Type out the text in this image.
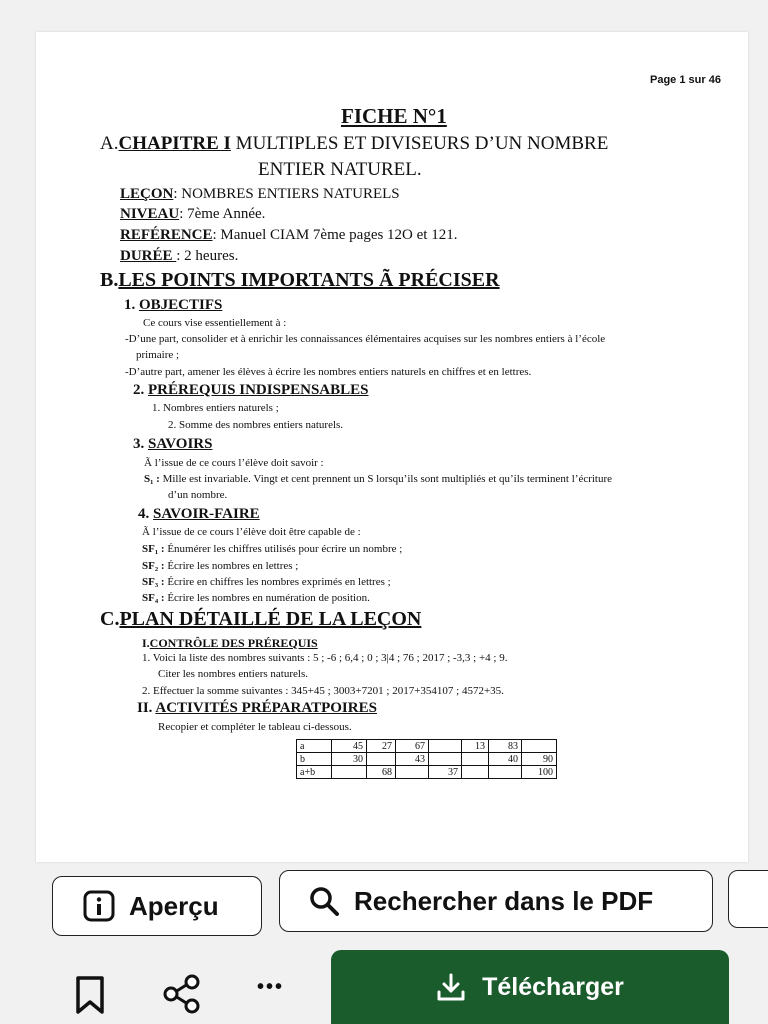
Page 1 sur 46
FICHE N°1
A.CHAPITRE I MULTIPLES ET DIVISEURS D’UN NOMBRE
ENTIER NATUREL.
LEÇON: NOMBRES ENTIERS NATURELS
NIVEAU: 7ème Année.
REFÉRENCE: Manuel CIAM 7ème pages 12O et 121.
DURÉE : 2 heures.
B.LES POINTS IMPORTANTS Ã PRÉCISER
1. OBJECTIFS
Ce cours vise essentiellement à :
-D’une part, consolider et à enrichir les connaissances élémentaires acquises sur les nombres entiers à l’école
primaire ;
-D’autre part, amener les élèves à écrire les nombres entiers naturels en chiffres et en lettres.
2. PRÉREQUIS INDISPENSABLES
1. Nombres entiers naturels ;
2. Somme des nombres entiers naturels.
3. SAVOIRS
Ã l’issue de ce cours l’élève doit savoir :
S₁ : Mille est invariable. Vingt et cent prennent un S lorsqu’ils sont multipliés et qu’ils terminent l’écriture
d’un nombre.
4. SAVOIR-FAIRE
Ã l’issue de ce cours l’élève doit être capable de :
SF₁ : Énumérer les chiffres utilisés pour écrire un nombre ;
SF₂ : Écrire les nombres en lettres ;
SF₃ : Écrire en chiffres les nombres exprimés en lettres ;
SF₄ : Écrire les nombres en numération de position.
C.PLAN DÉTAILLÉ DE LA LEÇON
I.CONTRÔLE DES PRÉREQUIS
1. Voici la liste des nombres suivants : 5 ; -6 ; 6,4 ; 0 ; 3|4 ; 76 ; 2017 ; -3,3 ; +4 ; 9.
Citer les nombres entiers naturels.
2. Effectuer la somme suivantes : 345+45 ; 3003+7201 ; 2017+354107 ; 4572+35.
II. ACTIVITÉS PRÉPARATPOIRES
Recopier et compléter le tableau ci-dessous.
a	45	27	67		13	83	
b	30		43			40	90
a+b		68		37			100
Aperçu	Rechercher dans le PDF
•••	Télécharger
